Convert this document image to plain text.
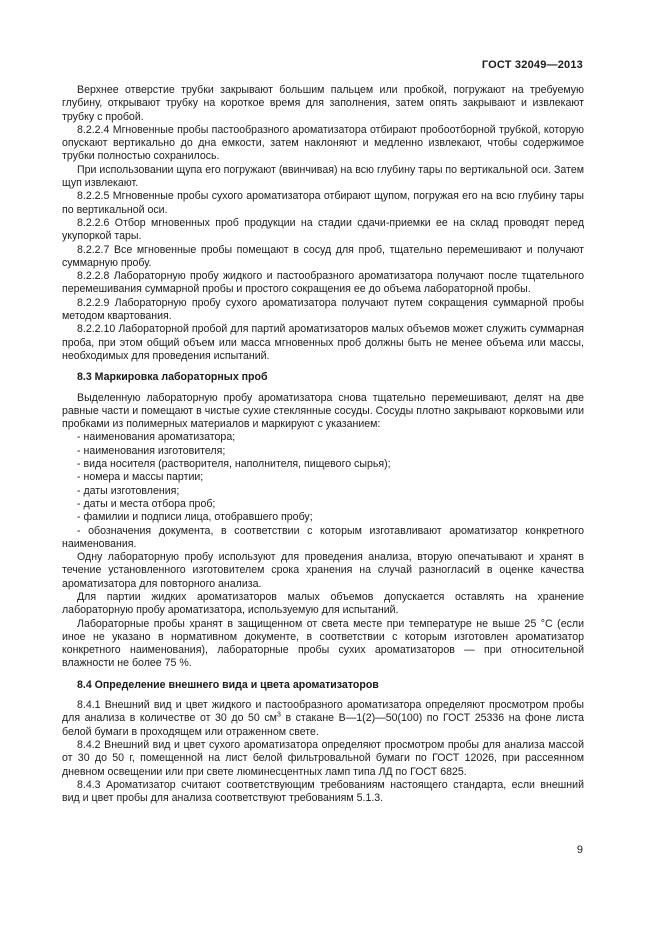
ГОСТ 32049—2013

Верхнее отверстие трубки закрывают большим пальцем или пробкой, погружают на требуемую глубину, открывают трубку на короткое время для заполнения, затем опять закрывают и извлекают трубку с пробой.

8.2.2.4 Мгновенные пробы пастообразного ароматизатора отбирают пробоотборной трубкой, которую опускают вертикально до дна емкости, затем наклоняют и медленно извлекают, чтобы содержимое трубки полностью сохранилось.

При использовании щупа его погружают (ввинчивая) на всю глубину тары по вертикальной оси. Затем щуп извлекают.

8.2.2.5 Мгновенные пробы сухого ароматизатора отбирают щупом, погружая его на всю глубину тары по вертикальной оси.

8.2.2.6 Отбор мгновенных проб продукции на стадии сдачи-приемки ее на склад проводят перед укупоркой тары.

8.2.2.7 Все мгновенные пробы помещают в сосуд для проб, тщательно перемешивают и получают суммарную пробу.

8.2.2.8 Лабораторную пробу жидкого и пастообразного ароматизатора получают после тщательного перемешивания суммарной пробы и простого сокращения ее до объема лабораторной пробы.

8.2.2.9 Лабораторную пробу сухого ароматизатора получают путем сокращения суммарной пробы методом квартования.

8.2.2.10 Лабораторной пробой для партий ароматизаторов малых объемов может служить суммарная проба, при этом общий объем или масса мгновенных проб должны быть не менее объема или массы, необходимых для проведения испытаний.

8.3 Маркировка лабораторных проб

Выделенную лабораторную пробу ароматизатора снова тщательно перемешивают, делят на две равные части и помещают в чистые сухие стеклянные сосуды. Сосуды плотно закрывают корковыми или пробками из полимерных материалов и маркируют с указанием:

- наименования ароматизатора;

- наименования изготовителя;

- вида носителя (растворителя, наполнителя, пищевого сырья);

- номера и массы партии;

- даты изготовления;

- даты и места отбора проб;

- фамилии и подписи лица, отобравшего пробу;

- обозначения документа, в соответствии с которым изготавливают ароматизатор конкретного наименования.

Одну лабораторную пробу используют для проведения анализа, вторую опечатывают и хранят в течение установленного изготовителем срока хранения на случай разногласий в оценке качества ароматизатора для повторного анализа.

Для партии жидких ароматизаторов малых объемов допускается оставлять на хранение лабораторную пробу ароматизатора, используемую для испытаний.

Лабораторные пробы хранят в защищенном от света месте при температуре не выше 25 °С (если иное не указано в нормативном документе, в соответствии с которым изготовлен ароматизатор конкретного наименования), лабораторные пробы сухих ароматизаторов — при относительной влажности не более 75 %.

8.4 Определение внешнего вида и цвета ароматизаторов

8.4.1 Внешний вид и цвет жидкого и пастообразного ароматизатора определяют просмотром пробы для анализа в количестве от 30 до 50 $см^3$ в стакане В—1(2)—50(100) по ГОСТ 25336 на фоне листа белой бумаги в проходящем или отраженном свете.

8.4.2 Внешний вид и цвет сухого ароматизатора определяют просмотром пробы для анализа массой от 30 до 50 г, помещенной на лист белой фильтровальной бумаги по ГОСТ 12026, при рассеянном дневном освещении или при свете люминесцентных ламп типа ЛД по ГОСТ 6825.

8.4.3 Ароматизатор считают соответствующим требованиям настоящего стандарта, если внешний вид и цвет пробы для анализа соответствуют требованиям 5.1.3.

9
